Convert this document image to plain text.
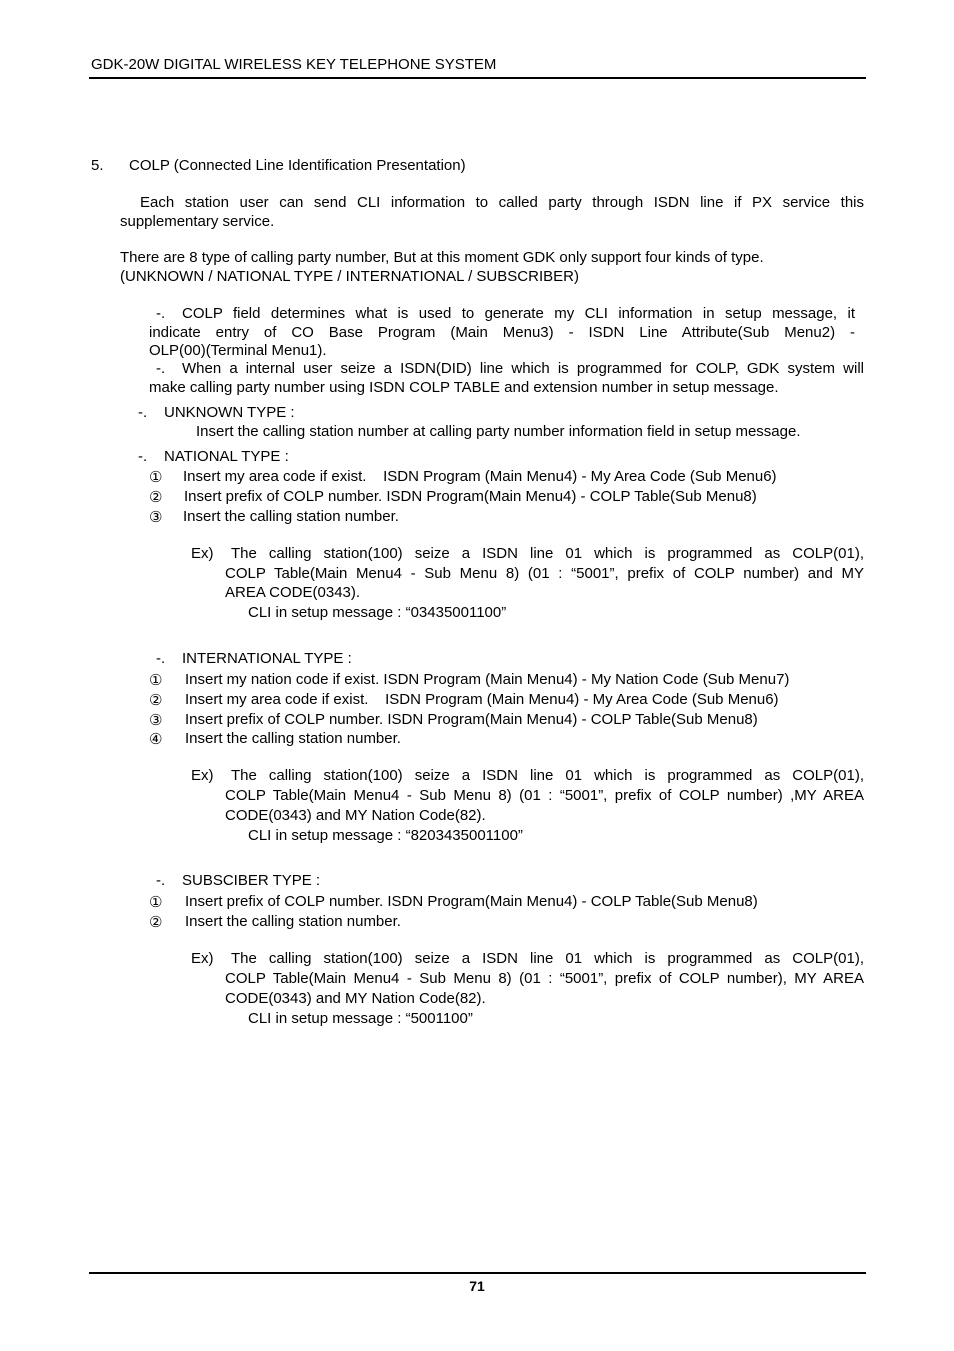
GDK-20W DIGITAL WIRELESS KEY TELEPHONE SYSTEM
5. COLP (Connected Line Identification Presentation)
Each station user can send CLI information to called party through ISDN line if PX service this
supplementary service.
There are 8 type of calling party number, But at this moment GDK only support four kinds of type.
(UNKNOWN / NATIONAL TYPE / INTERNATIONAL / SUBSCRIBER)
-. COLP field determines what is used to generate my CLI information in setup message, it
indicate entry of CO Base Program (Main Menu3) - ISDN Line Attribute(Sub Menu2) -
OLP(00)(Terminal Menu1).
-. When a internal user seize a ISDN(DID) line which is programmed for COLP, GDK system will
make calling party number using ISDN COLP TABLE and extension number in setup message.
-. UNKNOWN TYPE :
Insert the calling station number at calling party number information field in setup message.
-. NATIONAL TYPE :
① Insert my area code if exist.    ISDN Program (Main Menu4) - My Area Code (Sub Menu6)
② Insert prefix of COLP number. ISDN Program(Main Menu4) - COLP Table(Sub Menu8)
③ Insert the calling station number.
Ex) The calling station(100) seize a ISDN line 01 which is programmed as COLP(01),
COLP Table(Main Menu4 - Sub Menu 8) (01 : “5001”, prefix of COLP number) and MY
AREA CODE(0343).
CLI in setup message : “03435001100”
-. INTERNATIONAL TYPE :
① Insert my nation code if exist. ISDN Program (Main Menu4) - My Nation Code (Sub Menu7)
② Insert my area code if exist.    ISDN Program (Main Menu4) - My Area Code (Sub Menu6)
③ Insert prefix of COLP number. ISDN Program(Main Menu4) - COLP Table(Sub Menu8)
④ Insert the calling station number.
Ex) The calling station(100) seize a ISDN line 01 which is programmed as COLP(01),
COLP Table(Main Menu4 - Sub Menu 8) (01 : “5001”, prefix of COLP number) ,MY AREA
CODE(0343) and MY Nation Code(82).
CLI in setup message : “8203435001100”
-. SUBSCIBER TYPE :
① Insert prefix of COLP number. ISDN Program(Main Menu4) - COLP Table(Sub Menu8)
② Insert the calling station number.
Ex) The calling station(100) seize a ISDN line 01 which is programmed as COLP(01),
COLP Table(Main Menu4 - Sub Menu 8) (01 : “5001”, prefix of COLP number), MY AREA
CODE(0343) and MY Nation Code(82).
CLI in setup message : “5001100”
71
